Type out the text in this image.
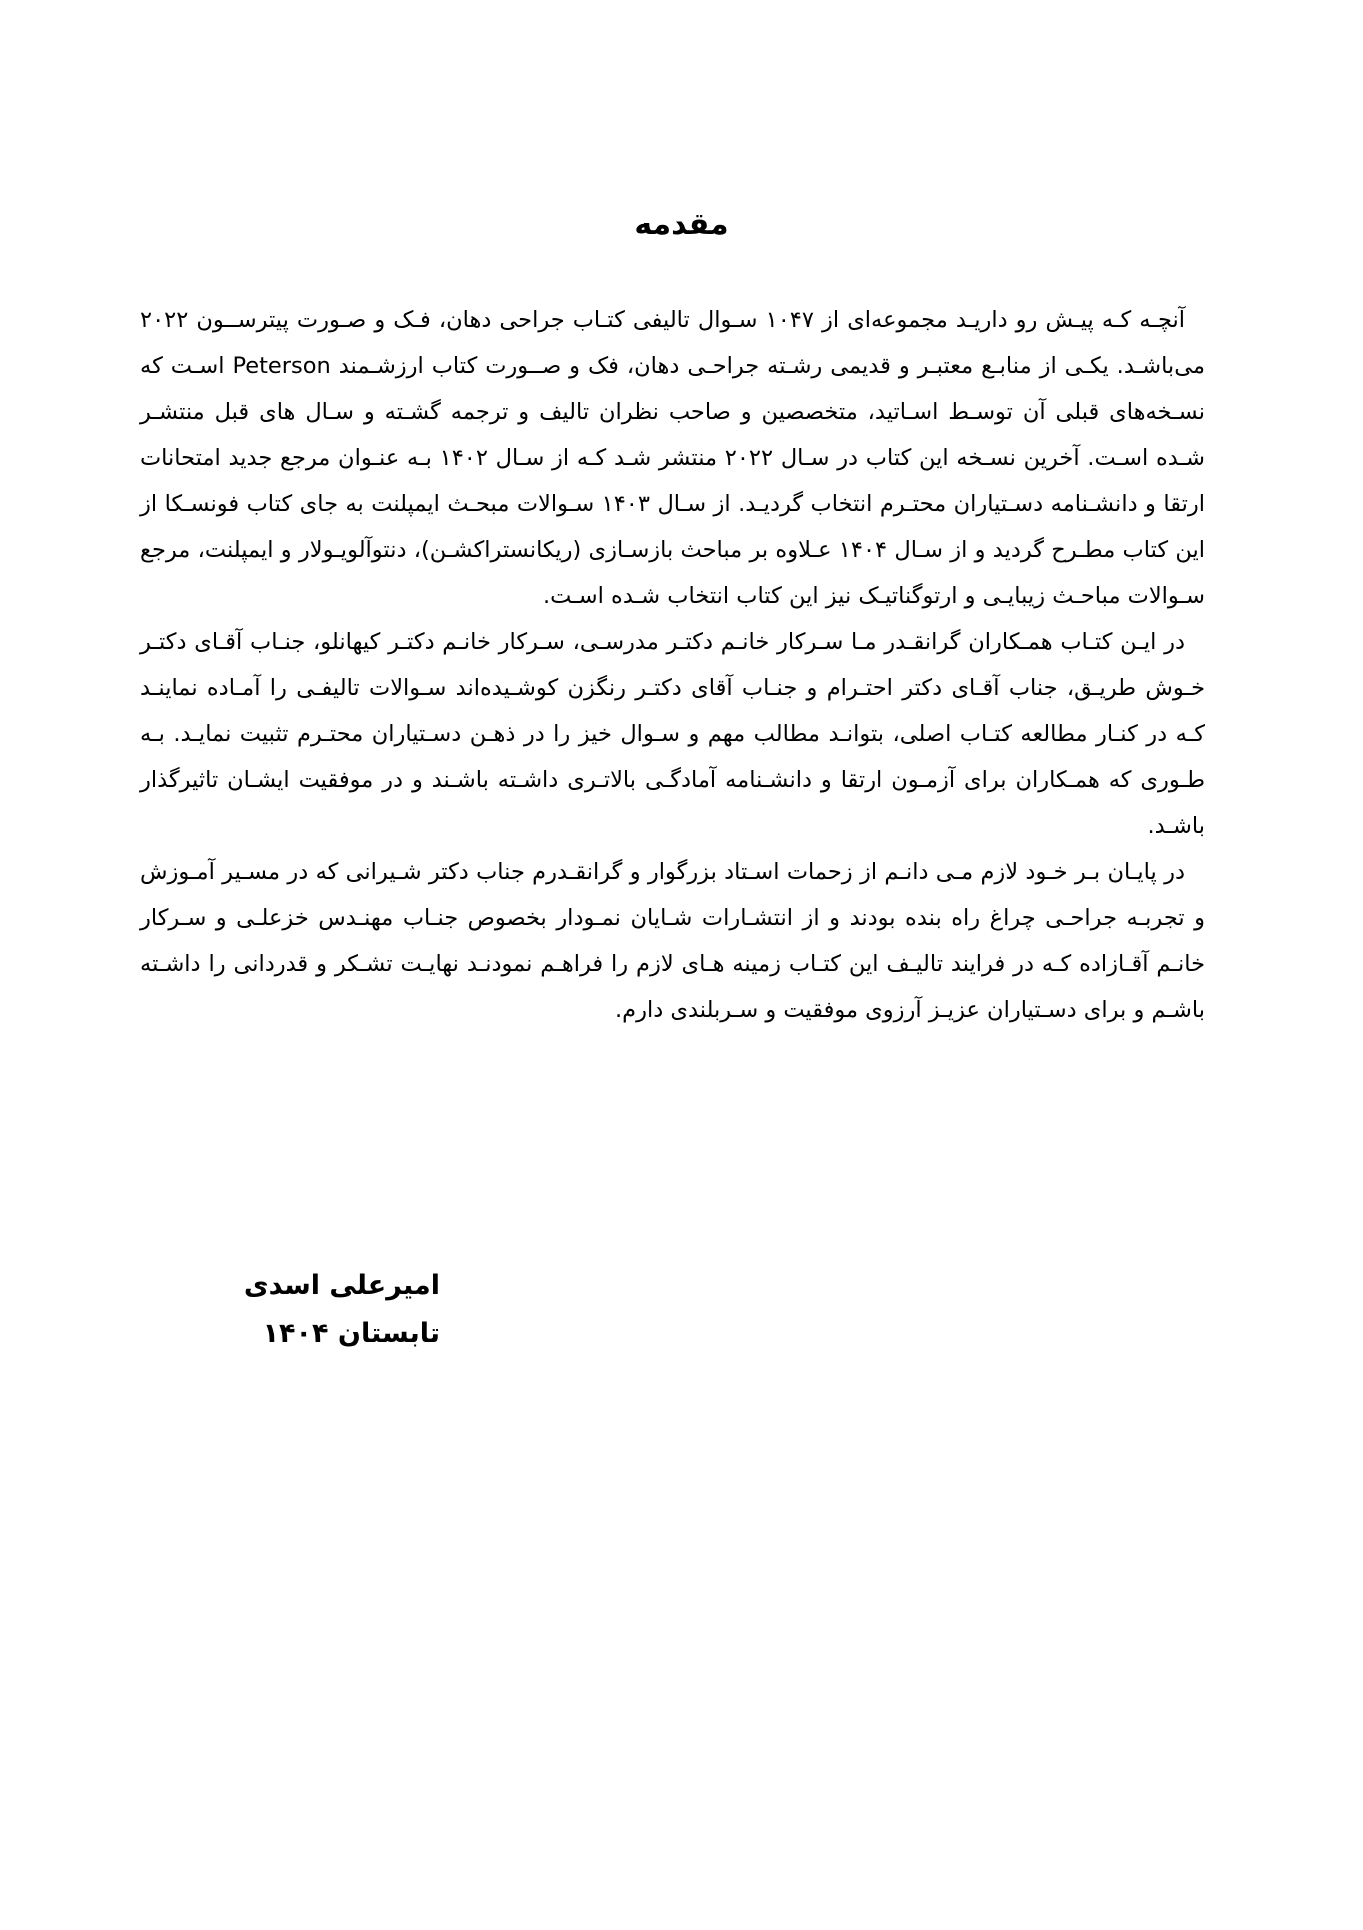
مقدمه

آنچـه کـه پیـش رو داریـد مجموعه‌ای از ۱۰۴۷ سـوال تالیفی کتـاب جراحی دهان، فـک و صـورت پیترســون ۲۰۲۲ می‌باشـد. یکـی از منابـع معتبـر و قدیمی رشـته جراحـی دهان، فک و صــورت کتاب ارزشـمند Peterson اسـت که نسـخه‌های قبلی آن توسـط اسـاتید، متخصصین و صاحب نظران تالیف و ترجمه گشـته و سـال های قبل منتشـر شـده اسـت. آخرین نسـخه این کتاب در سـال ۲۰۲۲ منتشر شـد کـه از سـال ۱۴۰۲ بـه عنـوان مرجع جدید امتحانات ارتقا و دانشـنامه دسـتیاران محتـرم انتخاب گردیـد. از سـال ۱۴۰۳ سـوالات مبحـث ایمپلنت به جای کتاب فونسـکا از این کتاب مطـرح گردید و از سـال ۱۴۰۴ عـلاوه بر مباحث بازسـازی (ریکانستراکشـن)، دنتوآلویـولار و ایمپلنت، مرجع سـوالات مباحـث زیبایـی و ارتوگناتیـک نیز این کتاب انتخاب شـده اسـت.

در ایـن کتـاب همـکاران گرانقـدر مـا سـرکار خانـم دکتـر مدرسـی، سـرکار خانـم دکتـر کیهانلو، جنـاب آقـای دکتـر خـوش طریـق، جناب آقـای دکتر احتـرام و جنـاب آقای دکتـر رنگزن کوشـیده‌اند سـوالات تالیفـی را آمـاده نماینـد کـه در کنـار مطالعه کتـاب اصلی، بتوانـد مطالب مهم و سـوال خیز را در ذهـن دسـتیاران محتـرم تثبیت نمایـد. بـه طـوری که همـکاران برای آزمـون ارتقا و دانشـنامه آمادگـی بالاتـری داشـته باشـند و در موفقیت ایشـان تاثیرگذار باشـد.

در پایـان بـر خـود لازم مـی دانـم از زحمات اسـتاد بزرگوار و گرانقـدرم جناب دکتر شـیرانی که در مسـیر آمـوزش و تجربـه جراحـی چراغ راه بنده بودند و از انتشـارات شـایان نمـودار بخصوص جنـاب مهنـدس خزعلـی و سـرکار خانـم آقـازاده کـه در فرایند تالیـف این کتـاب زمینه هـای لازم را فراهـم نمودنـد نهایـت تشـکر و قدردانی را داشـته باشـم و برای دسـتیاران عزیـز آرزوی موفقیت و سـربلندی دارم.

امیرعلی اسدی
تابستان ۱۴۰۴
